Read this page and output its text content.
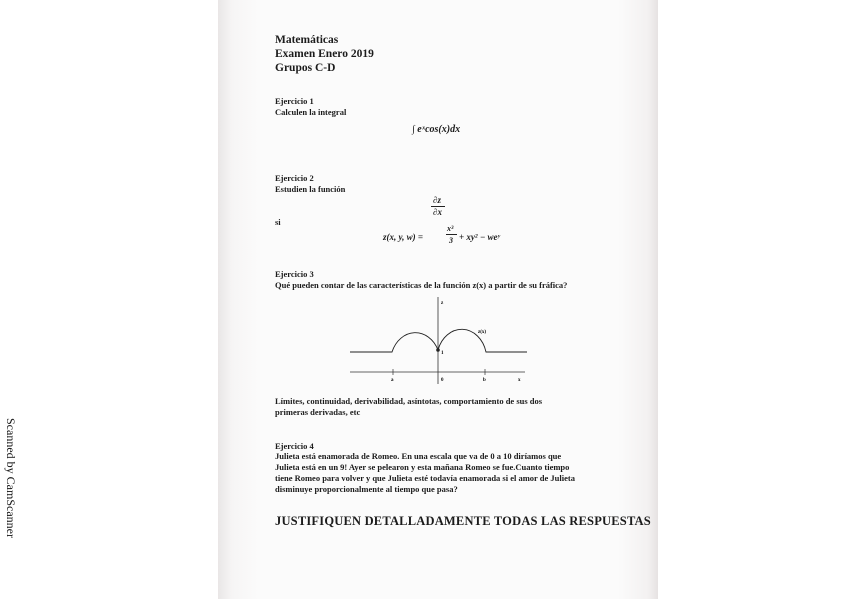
Scanned by CamScanner
Matemáticas
Examen Enero 2019
Grupos C-D
Ejercicio 1
Calculen la integral
∫ eˣcos(x)dx
Ejercicio 2
Estudien la función
∂z
∂x
si
z(x, y, w) =
x³
3 + xy² − weʸ
Ejercicio 3
Qué pueden contar de las características de la función z(x) a partir de su fráfica?
a	0	b	x
z
z(x)
1
Límites, continuidad, derivabilidad, asíntotas, comportamiento de sus dos
primeras derivadas, etc
Ejercicio 4
Julieta está enamorada de Romeo. En una escala que va de 0 a 10 diríamos que
Julieta está en un 9! Ayer se pelearon y esta mañana Romeo se fue.Cuanto tiempo
tiene Romeo para volver y que Julieta esté todavía enamorada si el amor de Julieta
disminuye proporcionalmente al tiempo que pasa?
JUSTIFIQUEN DETALLADAMENTE TODAS LAS RESPUESTAS
